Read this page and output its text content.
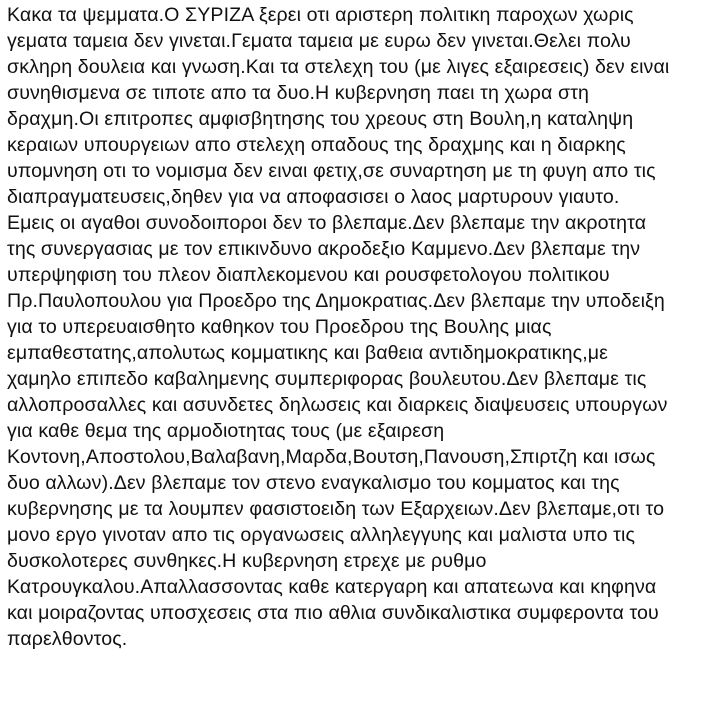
Κακα τα ψεμματα.Ο ΣΥΡΙΖΑ ξερει οτι αριστερη πολιτικη παροχων χωρις
γεματα ταμεια δεν γινεται.Γεματα ταμεια με ευρω δεν γινεται.Θελει πολυ
σκληρη δουλεια και γνωση.Και τα στελεχη του (με λιγες εξαιρεσεις) δεν ειναι
συνηθισμενα σε τιποτε απο τα δυο.Η κυβερνηση παει τη χωρα στη
δραχμη.Οι επιτροπες αμφισβητησης του χρεους στη Βουλη,η καταληψη
κεραιων υπουργειων απο στελεχη οπαδους της δραχμης και η διαρκης
υπομνηση οτι το νομισμα δεν ειναι φετιχ,σε συναρτηση με τη φυγη απο τις
διαπραγματευσεις,δηθεν για να αποφασισει ο λαος μαρτυρουν γιαυτο.
Εμεις οι αγαθοι συνοδοιποροι δεν το βλεπαμε.Δεν βλεπαμε την ακροτητα
της συνεργασιας με τον επικινδυνο ακροδεξιο Καμμενο.Δεν βλεπαμε την
υπερψηφιση του πλεον διαπλεκομενου και ρουσφετολογου πολιτικου
Πρ.Παυλοπουλου για Προεδρο της Δημοκρατιας.Δεν βλεπαμε την υποδειξη
για το υπερευαισθητο καθηκον του Προεδρου της Βουλης μιας
εμπαθεστατης,απολυτως κομματικης και βαθεια αντιδημοκρατικης,με
χαμηλο επιπεδο καβαλημενης συμπεριφορας βουλευτου.Δεν βλεπαμε τις
αλλοπροσαλλες και ασυνδετες δηλωσεις και διαρκεις διαψευσεις υπουργων
για καθε θεμα της αρμοδιοτητας τους (με εξαιρεση
Κοντονη,Αποστολου,Βαλαβανη,Μαρδα,Βουτση,Πανουση,Σπιρτζη και ισως
δυο αλλων).Δεν βλεπαμε τον στενο εναγκαλισμο του κομματος και της
κυβερνησης με τα λουμπεν φασιστοειδη των Εξαρχειων.Δεν βλεπαμε,οτι το
μονο εργο γινοταν απο τις οργανωσεις αλληλεγγυης και μαλιστα υπο τις
δυσκολοτερες συνθηκες.Η κυβερνηση ετρεχε με ρυθμο
Κατρουγκαλου.Απαλλασσοντας καθε κατεργαρη και απατεωνα και κηφηνα
και μοιραζοντας υποσχεσεις στα πιο αθλια συνδικαλιστικα συμφεροντα του
παρελθοντος.
